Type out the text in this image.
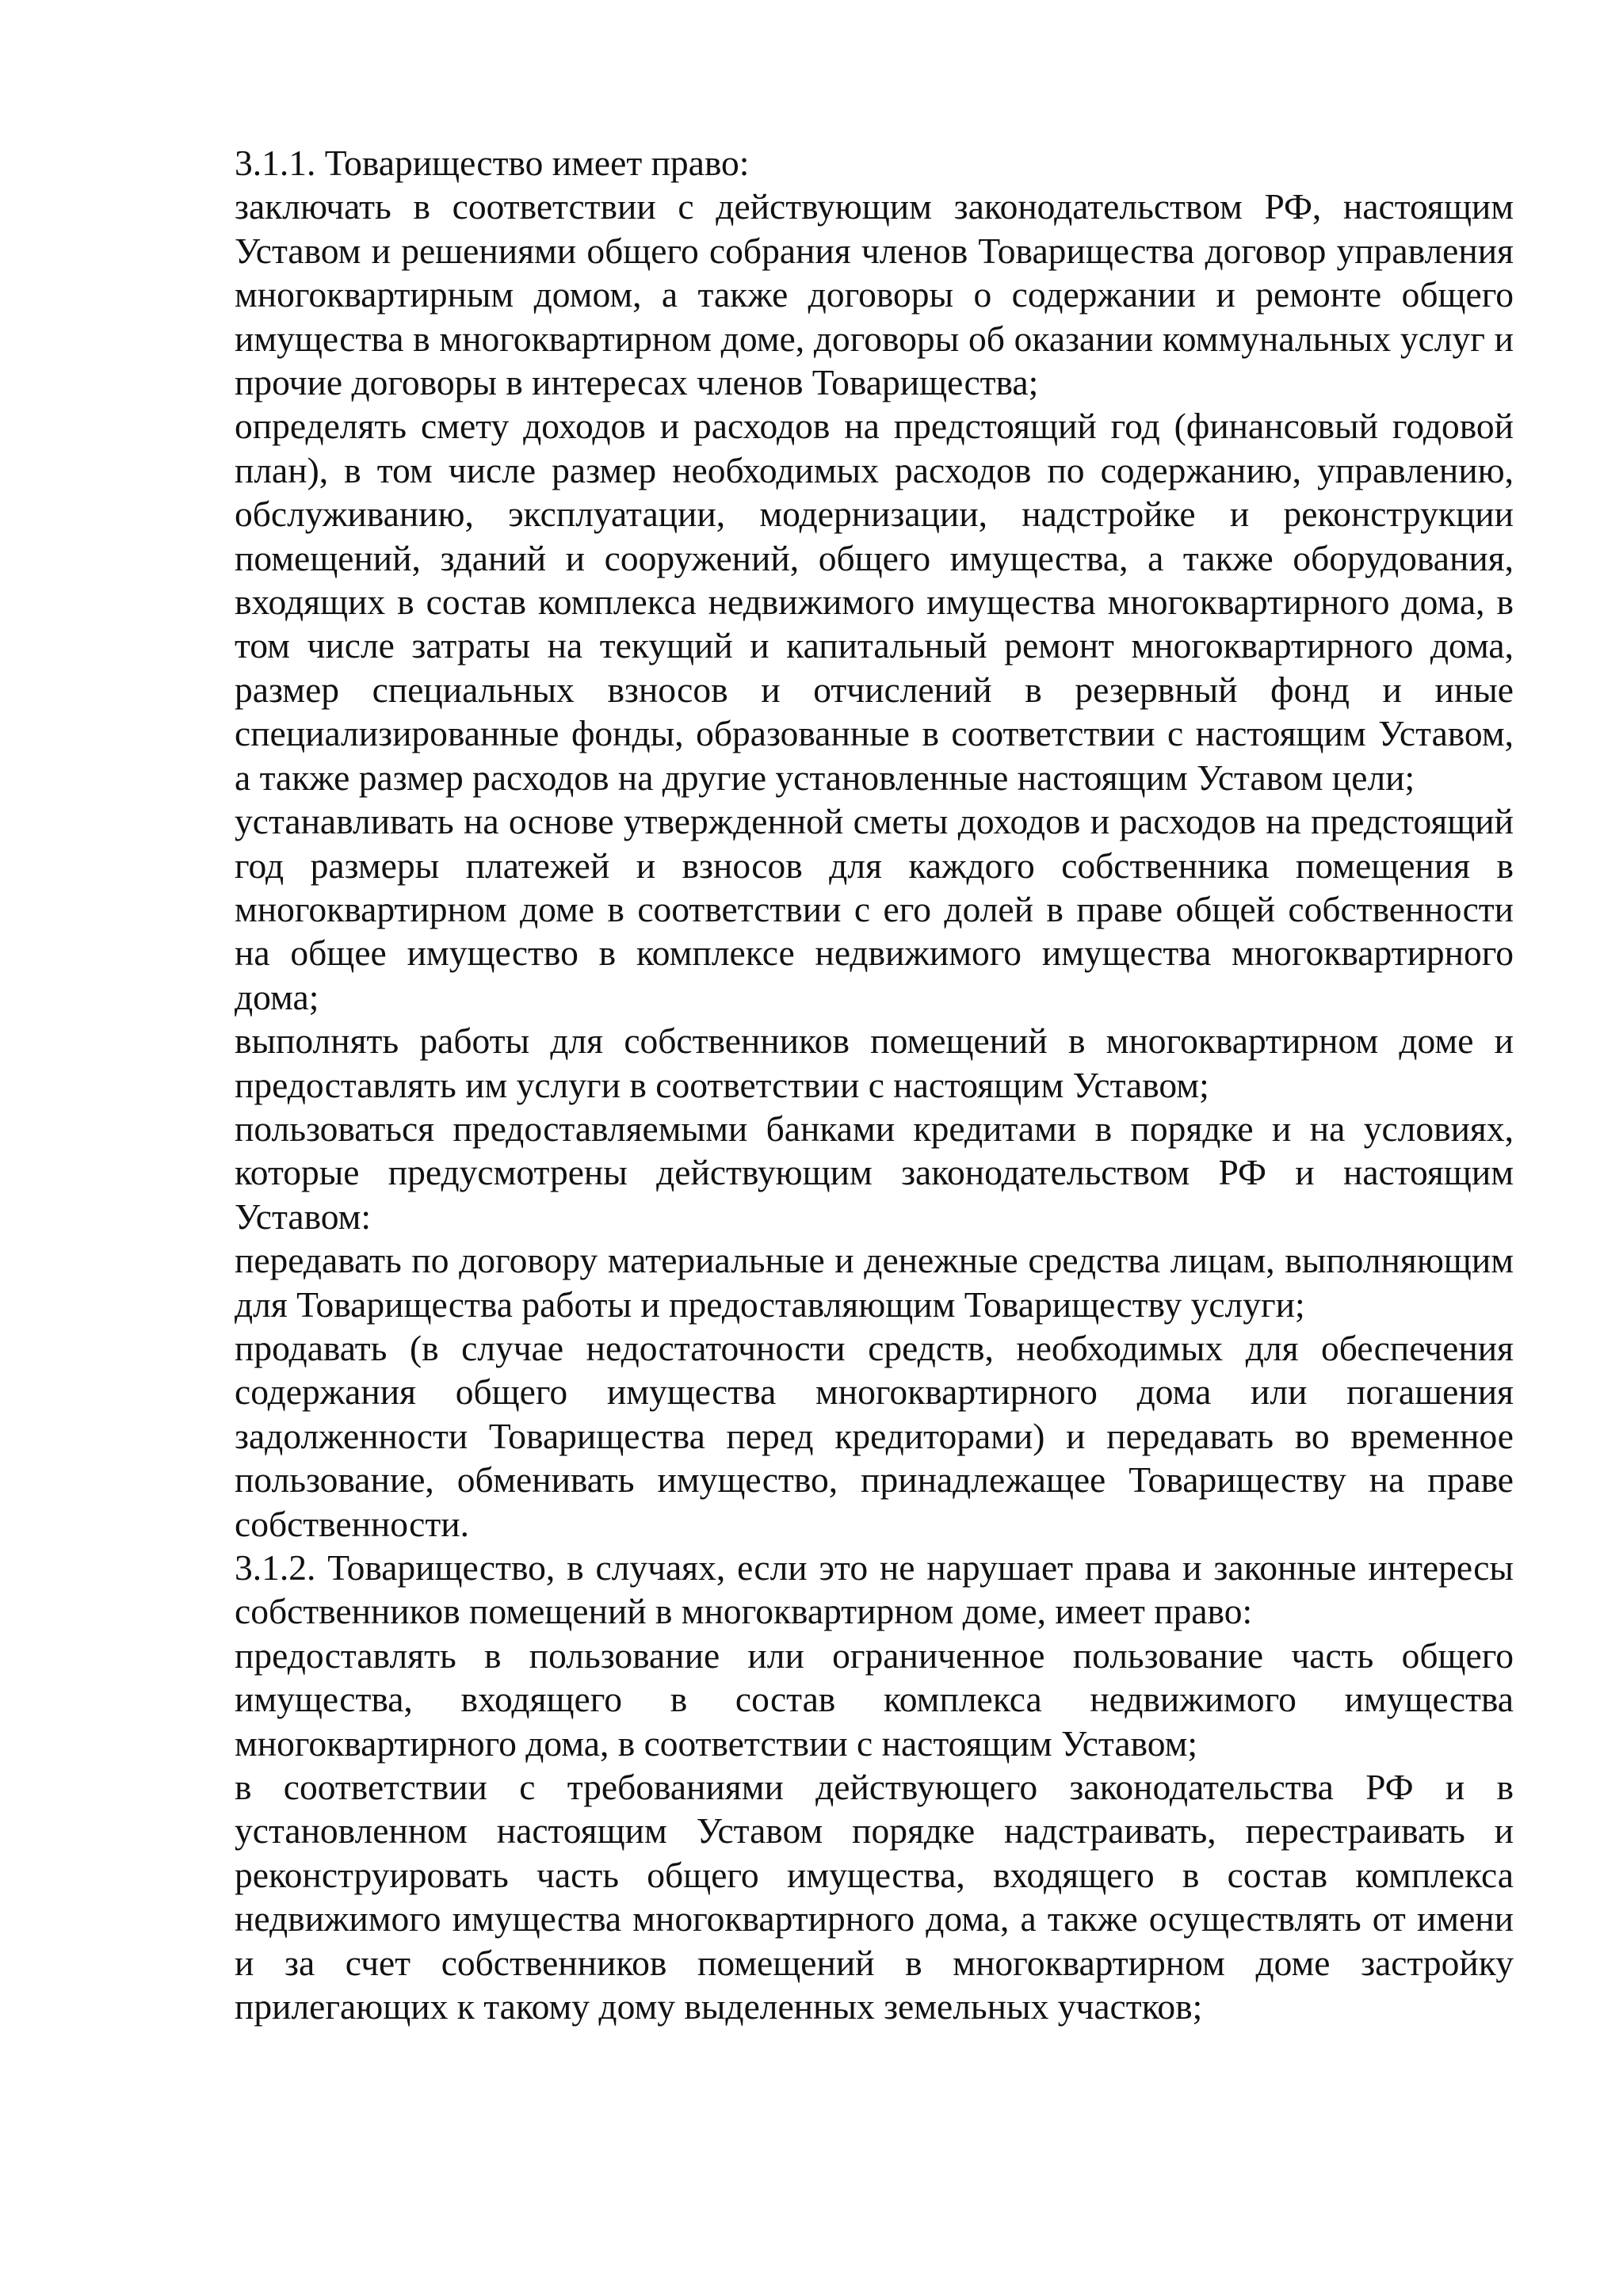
3.1.1. Товарищество имеет право:

заключать в соответствии с действующим законодательством РФ, настоящим Уставом и решениями общего собрания членов Товарищества договор управления многоквартирным домом, а также договоры о содержании и ремонте общего имущества в многоквартирном доме, договоры об оказании коммунальных услуг и прочие договоры в интересах членов Товарищества;

определять смету доходов и расходов на предстоящий год (финансовый годовой план), в том числе размер необходимых расходов по содержанию, управлению, обслуживанию, эксплуатации, модернизации, надстройке и реконструкции помещений, зданий и сооружений, общего имущества, а также оборудования, входящих в состав комплекса недвижимого имущества многоквартирного дома, в том числе затраты на текущий и капитальный ремонт многоквартирного дома, размер специальных взносов и отчислений в резервный фонд и иные специализированные фонды, образованные в соответствии с настоящим Уставом, а также размер расходов на другие установленные настоящим Уставом цели;

устанавливать на основе утвержденной сметы доходов и расходов на предстоящий год размеры платежей и взносов для каждого собственника помещения в многоквартирном доме в соответствии с его долей в праве общей собственности на общее имущество в комплексе недвижимого имущества многоквартирного дома;

выполнять работы для собственников помещений в многоквартирном доме и предоставлять им услуги в соответствии с настоящим Уставом;

пользоваться предоставляемыми банками кредитами в порядке и на условиях, которые предусмотрены действующим законодательством РФ и настоящим Уставом:

передавать по договору материальные и денежные средства лицам, выполняющим для Товарищества работы и предоставляющим Товариществу услуги;

продавать (в случае недостаточности средств, необходимых для обеспечения содержания общего имущества многоквартирного дома или погашения задолженности Товарищества перед кредиторами) и передавать во временное пользование, обменивать имущество, принадлежащее Товариществу на праве собственности.

3.1.2. Товарищество, в случаях, если это не нарушает права и законные интересы собственников помещений в многоквартирном доме, имеет право:

предоставлять в пользование или ограниченное пользование часть общего имущества, входящего в состав комплекса недвижимого имущества многоквартирного дома, в соответствии с настоящим Уставом;

в соответствии с требованиями действующего законодательства РФ и в установленном настоящим Уставом порядке надстраивать, перестраивать и реконструировать часть общего имущества, входящего в состав комплекса недвижимого имущества многоквартирного дома, а также осуществлять от имени и за счет собственников помещений в многоквартирном доме застройку прилегающих к такому дому выделенных земельных участков;
